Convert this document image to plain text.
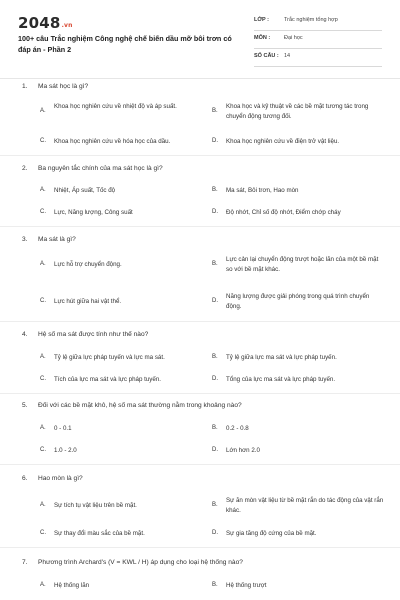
2048.vn
100+ câu Trắc nghiệm Công nghệ chế biến dầu mỡ bôi trơn có đáp án - Phần 2
LỚP :	Trắc nghiệm tổng hợp
MÔN :	Đại học
SỐ CÂU : 14
1. Ma sát học là gì?
A.
Khoa học nghiên cứu về nhiệt độ và áp suất.
B.
Khoa học và kỹ thuật về các bề mặt tương tác trong chuyển động tương đối.
C. Khoa học nghiên cứu về hóa học của dầu.	D. Khoa học nghiên cứu về điện trở vật liệu.
2. Ba nguyên tắc chính của ma sát học là gì?
A. Nhiệt, Áp suất, Tốc độ	B. Ma sát, Bôi trơn, Hao mòn
C. Lực, Năng lượng, Công suất	D. Độ nhớt, Chỉ số độ nhớt, Điểm chớp cháy
3. Ma sát là gì?
A. Lực hỗ trợ chuyển động.	B.
Lực cản lại chuyển động trượt hoặc lăn của một bề mặt so với bề mặt khác.
C. Lực hút giữa hai vật thể.	D.
Năng lượng được giải phóng trong quá trình chuyển động.
4. Hệ số ma sát được tính như thế nào?
A. Tỷ lệ giữa lực pháp tuyến và lực ma sát.	B. Tỷ lệ giữa lực ma sát và lực pháp tuyến.
C. Tích của lực ma sát và lực pháp tuyến.	D. Tổng của lực ma sát và lực pháp tuyến.
5. Đối với các bề mặt khô, hệ số ma sát thường nằm trong khoảng nào?
A. 0 - 0.1	B. 0.2 - 0.8
C. 1.0 - 2.0	D. Lớn hơn 2.0
6. Hao mòn là gì?
A. Sự tích tụ vật liệu trên bề mặt.	B.
Sự ăn mòn vật liệu từ bề mặt rắn do tác động của vật rắn khác.
C. Sự thay đổi màu sắc của bề mặt.	D. Sự gia tăng độ cứng của bề mặt.
7. Phương trình Archard's (V = KWL / H) áp dụng cho loại hệ thống nào?
A. Hệ thống lăn	B. Hệ thống trượt
